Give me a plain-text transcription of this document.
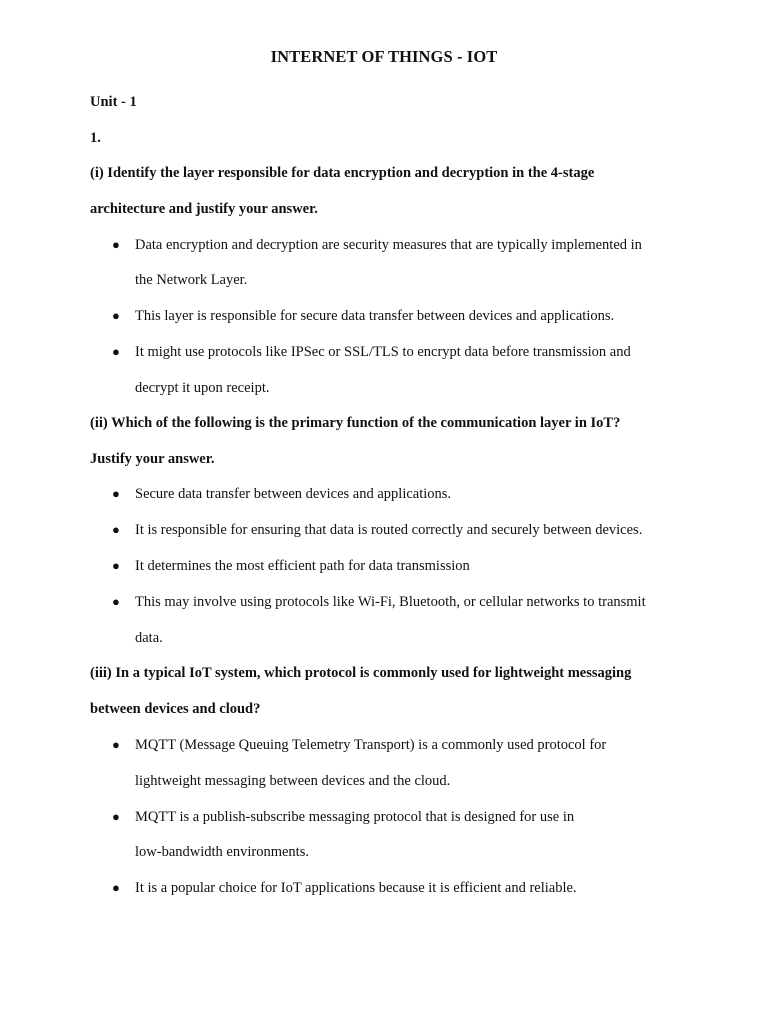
INTERNET OF THINGS - IOT
Unit - 1
1.
(i) Identify the layer responsible for data encryption and decryption in the 4-stage
architecture and justify your answer.
● Data encryption and decryption are security measures that are typically implemented in
the Network Layer.
● This layer is responsible for secure data transfer between devices and applications.
● It might use protocols like IPSec or SSL/TLS to encrypt data before transmission and
decrypt it upon receipt.
(ii) Which of the following is the primary function of the communication layer in IoT?
Justify your answer.
● Secure data transfer between devices and applications.
● It is responsible for ensuring that data is routed correctly and securely between devices.
● It determines the most efficient path for data transmission
● This may involve using protocols like Wi-Fi, Bluetooth, or cellular networks to transmit
data.
(iii) In a typical IoT system, which protocol is commonly used for lightweight messaging
between devices and cloud?
● MQTT (Message Queuing Telemetry Transport) is a commonly used protocol for
lightweight messaging between devices and the cloud.
● MQTT is a publish-subscribe messaging protocol that is designed for use in
low-bandwidth environments.
● It is a popular choice for IoT applications because it is efficient and reliable.
